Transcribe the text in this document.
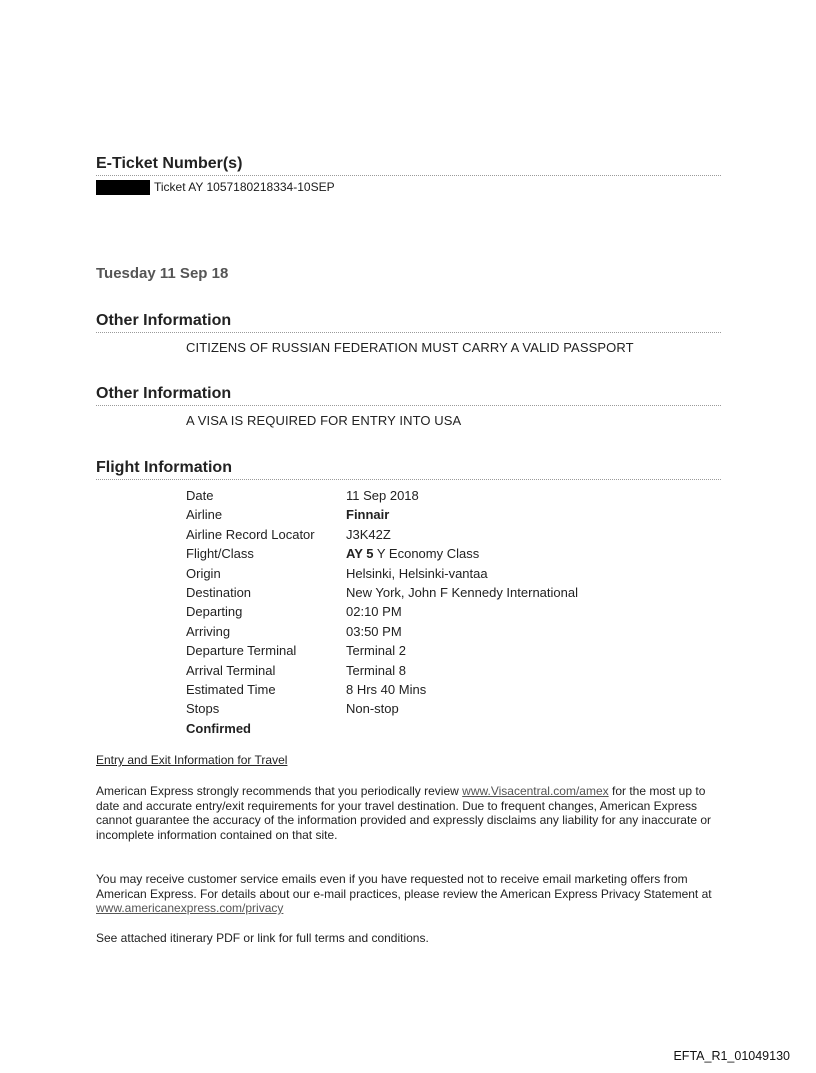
E-Ticket Number(s)
Ticket AY 1057180218334-10SEP
Tuesday 11 Sep 18
Other Information
CITIZENS OF RUSSIAN FEDERATION MUST CARRY A VALID PASSPORT
Other Information
A VISA IS REQUIRED FOR ENTRY INTO USA
Flight Information
Date	11 Sep 2018
Airline	Finnair
Airline Record Locator	J3K42Z
Flight/Class	AY 5 Y Economy Class
Origin	Helsinki, Helsinki-vantaa
Destination	New York, John F Kennedy International
Departing	02:10 PM
Arriving	03:50 PM
Departure Terminal	Terminal 2
Arrival Terminal	Terminal 8
Estimated Time	8 Hrs 40 Mins
Stops	Non-stop
Confirmed
Entry and Exit Information for Travel
American Express strongly recommends that you periodically review www.Visacentral.com/amex for the most up to date and accurate entry/exit requirements for your travel destination. Due to frequent changes, American Express cannot guarantee the accuracy of the information provided and expressly disclaims any liability for any inaccurate or incomplete information contained on that site.
You may receive customer service emails even if you have requested not to receive email marketing offers from American Express. For details about our e-mail practices, please review the American Express Privacy Statement at www.americanexpress.com/privacy
See attached itinerary PDF or link for full terms and conditions.
EFTA_R1_01049130
